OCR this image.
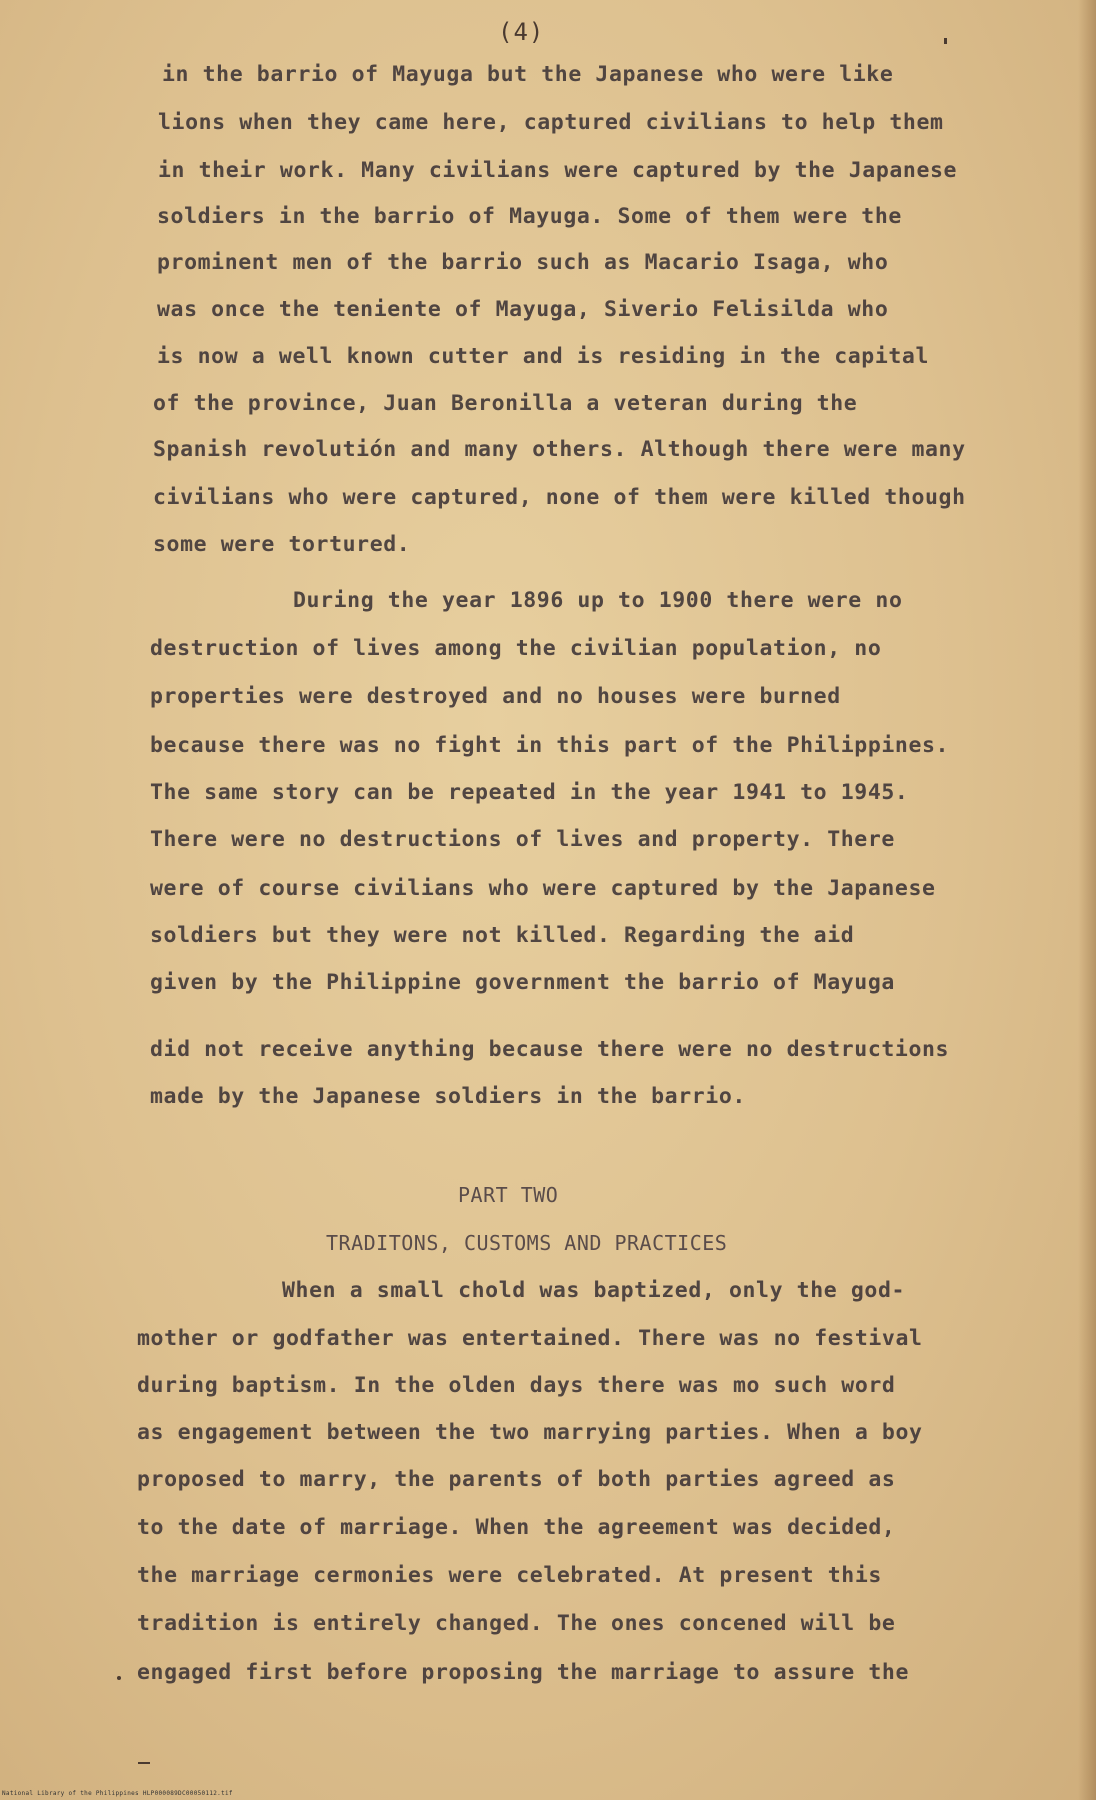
(4)
in the barrio of Mayuga but the Japanese who were like
lions when they came here, captured civilians to help them
in their work. Many civilians were captured by the Japanese
soldiers in the barrio of Mayuga. Some of them were the
prominent men of the barrio such as Macario Isaga, who
was once the teniente of Mayuga, Siverio Felisilda who
is now a well known cutter and is residing in the capital
of the province, Juan Beronilla a veteran during the
Spanish revolutión and many others. Although there were many
civilians who were captured, none of them were killed though
some were tortured.
During the year 1896 up to 1900 there were no
destruction of lives among the civilian population, no
properties were destroyed and no houses were burned
because there was no fight in this part of the Philippines.
The same story can be repeated in the year 1941 to 1945.
There were no destructions of lives and property. There
were of course civilians who were captured by the Japanese
soldiers but they were not killed. Regarding the aid
given by the Philippine government the barrio of Mayuga
did not receive anything because there were no destructions
made by the Japanese soldiers in the barrio.
PART TWO
TRADITONS, CUSTOMS AND PRACTICES
When a small chold was baptized, only the god-
mother or godfather was entertained. There was no festival
during baptism. In the olden days there was mo such word
as engagement between the two marrying parties. When a boy
proposed to marry, the parents of both parties agreed as
to the date of marriage. When the agreement was decided,
the marriage cermonies were celebrated. At present this
tradition is entirely changed. The ones concened will be
engaged first before proposing the marriage to assure the
National Library of the Philippines HLP000089DC00050112.tif
